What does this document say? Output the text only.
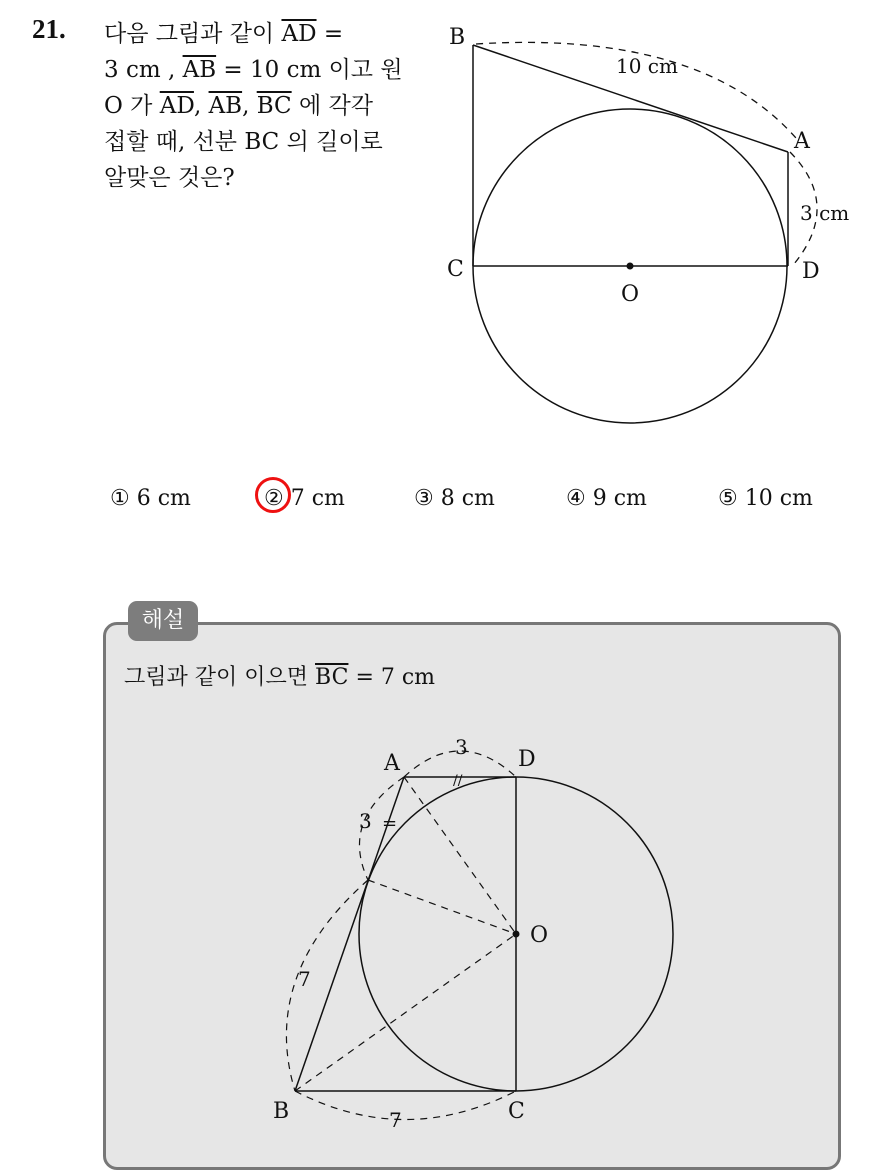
21. 다음 그림과 같이 $\overline{AD}$ =
3 cm , $\overline{AB} = 10$ cm 이고 원
O 가 $\overline{AD}$, $\overline{AB}$, $\overline{BC}$ 에 각각
접할 때, 선분 BC 의 길이로
알맞은 것은?
B
A
C	D
O
10 cm
3 cm
① 6 cm	② 7 cm	③ 8 cm	④ 9 cm	⑤ 10 cm
해설
그림과 같이 이으면 $\overline{BC} = 7$ cm
A	D
O
B	C
3
3
7
7
//
=
